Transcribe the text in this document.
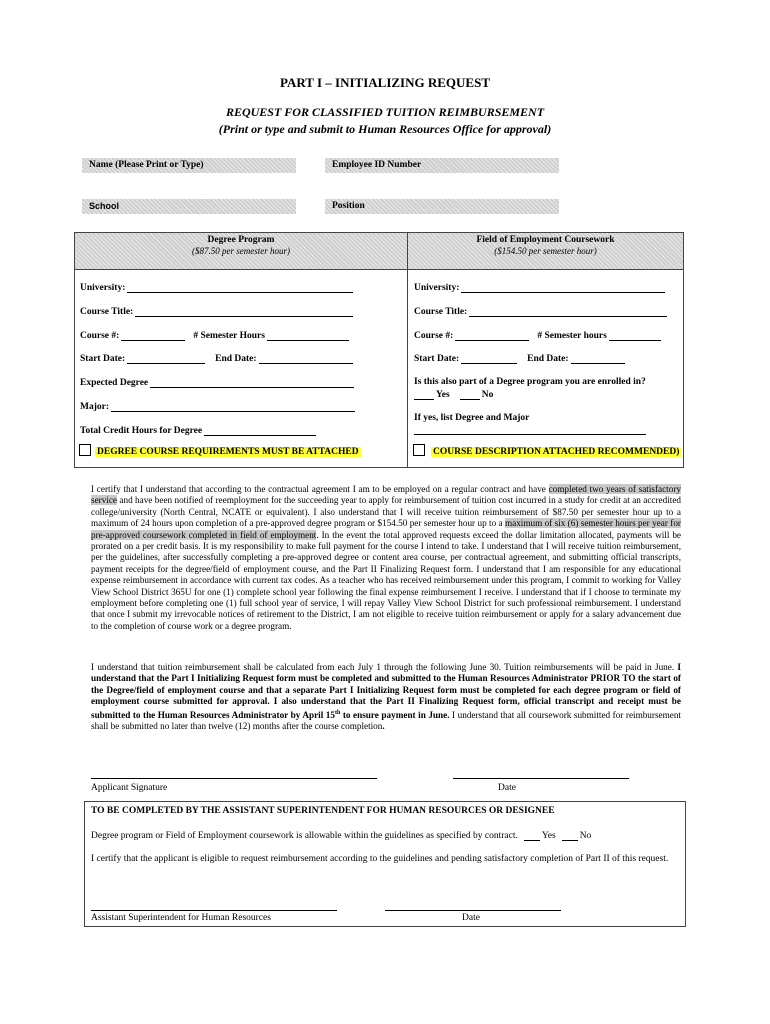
PART I – INITIALIZING REQUEST
REQUEST FOR CLASSIFIED TUITION REIMBURSEMENT
(Print or type and submit to Human Resources Office for approval)
Name (Please Print or Type)	Employee ID Number
School	Position
Degree Program
($87.50 per semester hour)
Field of Employment Coursework
($154.50 per semester hour)
University:
Course Title:
Course #:	# Semester Hours
Start Date:	End Date:
Expected Degree
Major:
Total Credit Hours for Degree
DEGREE COURSE REQUIREMENTS MUST BE ATTACHED
University:
Course Title:
Course #:	# Semester hours
Start Date:	End Date:
Is this also part of a Degree program you are enrolled in?
Yes	No
If yes, list Degree and Major
COURSE DESCRIPTION ATTACHED RECOMMENDED)
I certify that I understand that according to the contractual agreement I am to be employed on a regular contract and have completed two years of satisfactory service and have been notified of reemployment for the succeeding year to apply for reimbursement of tuition cost incurred in a study for credit at an accredited college/university (North Central, NCATE or equivalent). I also understand that I will receive tuition reimbursement of $87.50 per semester hour up to a maximum of 24 hours upon completion of a pre-approved degree program or $154.50 per semester hour up to a maximum of six (6) semester hours per year for pre-approved coursework completed in field of employment. In the event the total approved requests exceed the dollar limitation allocated, payments will be prorated on a per credit basis. It is my responsibility to make full payment for the course I intend to take. I understand that I will receive tuition reimbursement, per the guidelines, after successfully completing a pre-approved degree or content area course, per contractual agreement, and submitting official transcripts, payment receipts for the degree/field of employment course, and the Part II Finalizing Request form. I understand that I am responsible for any educational expense reimbursement in accordance with current tax codes. As a teacher who has received reimbursement under this program, I commit to working for Valley View School District 365U for one (1) complete school year following the final expense reimbursement I receive. I understand that if I choose to terminate my employment before completing one (1) full school year of service, I will repay Valley View School District for such professional reimbursement. I understand that once I submit my irrevocable notices of retirement to the District, I am not eligible to receive tuition reimbursement or apply for a salary advancement due to the completion of course work or a degree program.
I understand that tuition reimbursement shall be calculated from each July 1 through the following June 30. Tuition reimbursements will be paid in June. I understand that the Part I Initializing Request form must be completed and submitted to the Human Resources Administrator PRIOR TO the start of the Degree/field of employment course and that a separate Part I Initializing Request form must be completed for each degree program or field of employment course submitted for approval. I also understand that the Part II Finalizing Request form, official transcript and receipt must be submitted to the Human Resources Administrator by April 15th to ensure payment in June. I understand that all coursework submitted for reimbursement shall be submitted no later than twelve (12) months after the course completion.
Applicant Signature	Date
TO BE COMPLETED BY THE ASSISTANT SUPERINTENDENT FOR HUMAN RESOURCES OR DESIGNEE
Degree program or Field of Employment coursework is allowable within the guidelines as specified by contract.	Yes	No
I certify that the applicant is eligible to request reimbursement according to the guidelines and pending satisfactory completion of Part II of this request.
Assistant Superintendent for Human Resources	Date
